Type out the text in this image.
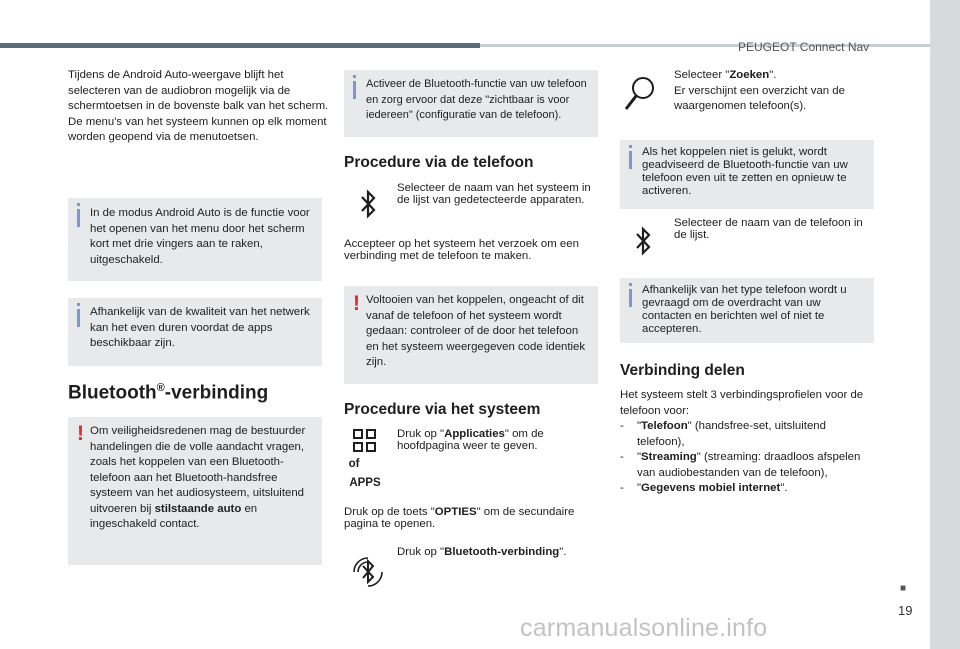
PEUGEOT Connect Nav
■
19
carmanualsonline.info

Tijdens de Android Auto-weergave blijft het selecteren van de audiobron mogelijk via de schermtoetsen in de bovenste balk van het scherm.

De menu's van het systeem kunnen op elk moment worden geopend via de menutoetsen.

In de modus Android Auto is de functie voor het openen van het menu door het scherm kort met drie vingers aan te raken, uitgeschakeld.
Afhankelijk van de kwaliteit van het netwerk kan het even duren voordat de apps beschikbaar zijn.
Bluetooth®-verbinding
! Om veiligheidsredenen mag de bestuurder handelingen die de volle aandacht vragen, zoals het koppelen van een Bluetooth-telefoon aan het Bluetooth-handsfree systeem van het audiosysteem, uitsluitend uitvoeren bij stilstaande auto en ingeschakeld contact.
Activeer de Bluetooth-functie van uw telefoon en zorg ervoor dat deze "zichtbaar is voor iedereen" (configuratie van de telefoon).
Procedure via de telefoon
Selecteer de naam van het systeem in de lijst van gedetecteerde apparaten.
Accepteer op het systeem het verzoek om een verbinding met de telefoon te maken.
! Voltooien van het koppelen, ongeacht of dit vanaf de telefoon of het systeem wordt gedaan: controleer of de door het telefoon en het systeem weergegeven code identiek zijn.
Procedure via het systeem
of
APPS
Druk op "Applicaties" om de hoofdpagina weer te geven.
Druk op de toets "OPTIES" om de secundaire pagina te openen.
Druk op "Bluetooth-verbinding".

Selecteer "Zoeken".

Er verschijnt een overzicht van de waargenomen telefoon(s).

Als het koppelen niet is gelukt, wordt geadviseerd de Bluetooth-functie van uw telefoon even uit te zetten en opnieuw te activeren.
Selecteer de naam van de telefoon in de lijst.
Afhankelijk van het type telefoon wordt u gevraagd om de overdracht van uw contacten en berichten wel of niet te accepteren.
Verbinding delen

Het systeem stelt 3 verbindingsprofielen voor de telefoon voor:

- "Telefoon" (handsfree-set, uitsluitend telefoon),
- "Streaming" (streaming: draadloos afspelen van audiobestanden van de telefoon),
- "Gegevens mobiel internet".
